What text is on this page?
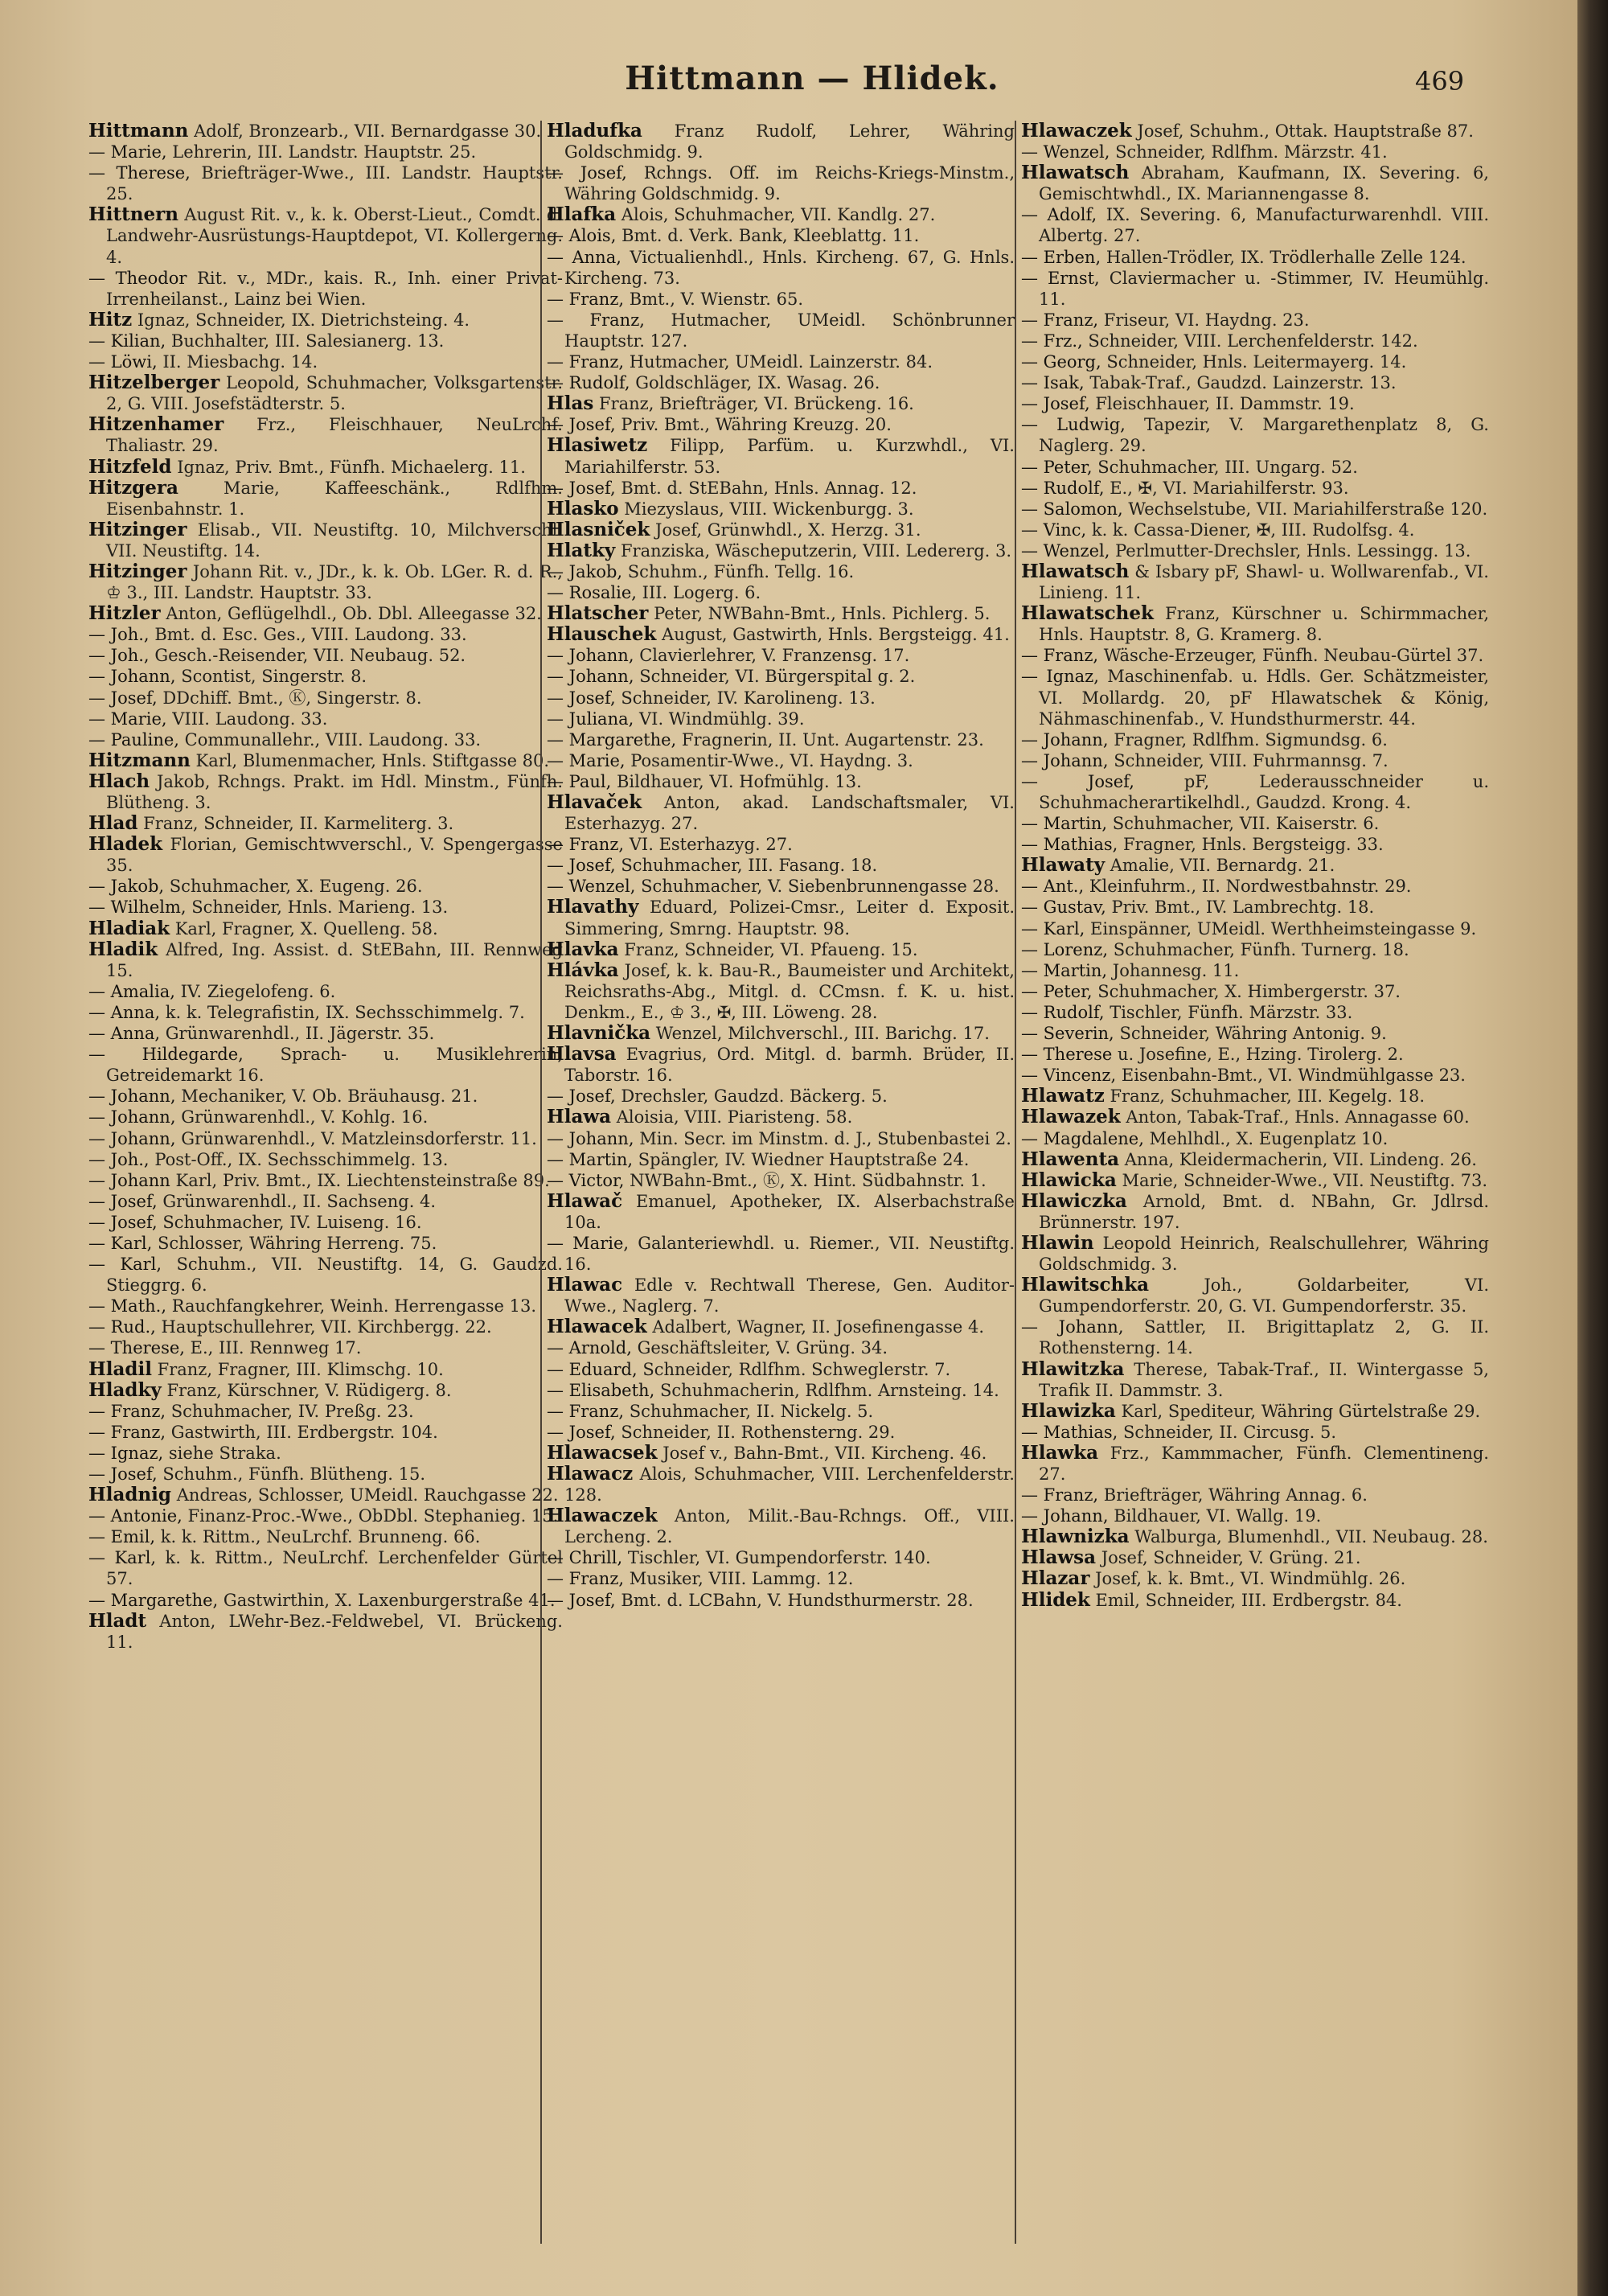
Hittmann — Hlidek.	469

Hittmann Adolf, Bronzearb., VII. Bernardgasse 30.

— Marie, Lehrerin, III. Landstr. Hauptstr. 25.

— Therese, Briefträger-Wwe., III. Landstr. Hauptstr. 25.

Hittnern August Rit. v., k. k. Oberst-Lieut., Comdt. d. Landwehr-Ausrüstungs-Hauptdepot, VI. Kollergerng. 4.

— Theodor Rit. v., MDr., kais. R., Inh. einer Privat-Irrenheilanst., Lainz bei Wien.

Hitz Ignaz, Schneider, IX. Dietrichsteing. 4.

— Kilian, Buchhalter, III. Salesianerg. 13.

— Löwi, II. Miesbachg. 14.

Hitzelberger Leopold, Schuhmacher, Volksgartenstr. 2, G. VIII. Josefstädterstr. 5.

Hitzenhamer Frz., Fleischhauer, NeuLrchf. Thaliastr. 29.

Hitzfeld Ignaz, Priv. Bmt., Fünfh. Michaelerg. 11.

Hitzgera	Marie, Kaffeeschänk., Rdlfhm. Eisenbahnstr. 1.

Hitzinger Elisab., VII. Neustiftg. 10, Milchverschl. VII. Neustiftg. 14.

Hitzinger Johann Rit. v., JDr., k. k. Ob. LGer. R. d. R., ♔ 3., III. Landstr. Hauptstr. 33.

Hitzler Anton, Geflügelhdl., Ob. Dbl. Alleegasse 32.

— Joh., Bmt. d. Esc. Ges., VIII. Laudong. 33.

— Joh., Gesch.-Reisender, VII. Neubaug. 52.

— Johann, Scontist, Singerstr. 8.

— Josef, DDchiff. Bmt., Ⓚ, Singerstr. 8.

— Marie, VIII. Laudong. 33.

— Pauline, Communallehr., VIII. Laudong. 33.

Hitzmann Karl, Blumenmacher, Hnls. Stiftgasse 80.

Hlach Jakob, Rchngs. Prakt. im Hdl. Minstm., Fünfh. Blütheng. 3.

Hlad Franz, Schneider, II. Karmeliterg. 3.

Hladek Florian, Gemischtwverschl., V. Spengergasse 35.

— Jakob, Schuhmacher, X. Eugeng. 26.

— Wilhelm, Schneider, Hnls. Marieng. 13.

Hladiak Karl, Fragner, X. Quelleng. 58.

Hladik Alfred, Ing. Assist. d. StEBahn, III. Rennweg 15.

— Amalia, IV. Ziegelofeng. 6.

— Anna, k. k. Telegrafistin, IX. Sechsschimmelg. 7.

— Anna, Grünwarenhdl., II. Jägerstr. 35.

— Hildegarde, Sprach- u. Musiklehrerin, Getreidemarkt 16.

— Johann, Mechaniker, V. Ob. Bräuhausg. 21.

— Johann, Grünwarenhdl., V. Kohlg. 16.

— Johann, Grünwarenhdl., V. Matzleinsdorferstr. 11.

— Joh., Post-Off., IX. Sechsschimmelg. 13.

— Johann Karl, Priv. Bmt., IX. Liechtensteinstraße 89.

— Josef, Grünwarenhdl., II. Sachseng. 4.

— Josef, Schuhmacher, IV. Luiseng. 16.

— Karl, Schlosser, Währing Herreng. 75.

— Karl, Schuhm., VII. Neustiftg. 14, G. Gaudzd. Stieggrg. 6.

— Math., Rauchfangkehrer, Weinh. Herrengasse 13.

— Rud., Hauptschullehrer, VII. Kirchbergg. 22.

— Therese, E., III. Rennweg 17.

Hladil Franz, Fragner, III. Klimschg. 10.

Hladky Franz, Kürschner, V. Rüdigerg. 8.

— Franz, Schuhmacher, IV. Preßg. 23.

— Franz, Gastwirth, III. Erdbergstr. 104.

— Ignaz, siehe Straka.

— Josef, Schuhm., Fünfh. Blütheng. 15.

Hladnig Andreas, Schlosser, UMeidl. Rauchgasse 22.

— Antonie, Finanz-Proc.-Wwe., ObDbl. Stephanieg. 15.

— Emil, k. k. Rittm., NeuLrchf. Brunneng. 66.

— Karl, k. k. Rittm., NeuLrchf. Lerchenfelder Gürtel 57.

— Margarethe, Gastwirthin, X. Laxenburgerstraße 41.

Hladt Anton, LWehr-Bez.-Feldwebel, VI. Brückeng. 11.

Hladufka Franz Rudolf, Lehrer, Währing Goldschmidg. 9.

— Josef, Rchngs. Off. im Reichs-Kriegs-Minstm., Währing Goldschmidg. 9.

Hlafka Alois, Schuhmacher, VII. Kandlg. 27.

— Alois, Bmt. d. Verk. Bank, Kleeblattg. 11.

— Anna, Victualienhdl., Hnls. Kircheng. 67, G. Hnls. Kircheng. 73.

— Franz, Bmt., V. Wienstr. 65.

— Franz, Hutmacher, UMeidl. Schönbrunner Hauptstr. 127.

— Franz, Hutmacher, UMeidl. Lainzerstr. 84.

— Rudolf, Goldschläger, IX. Wasag. 26.

Hlas Franz, Briefträger, VI. Brückeng. 16.

— Josef, Priv. Bmt., Währing Kreuzg. 20.

Hlasiwetz Filipp, Parfüm. u. Kurzwhdl., VI. Mariahilferstr. 53.

— Josef, Bmt. d. StEBahn, Hnls. Annag. 12.

Hlasko Miezyslaus, VIII. Wickenburgg. 3.

Hlasniček Josef, Grünwhdl., X. Herzg. 31.

Hlatky Franziska, Wäscheputzerin, VIII. Ledererg. 3.

— Jakob, Schuhm., Fünfh. Tellg. 16.

— Rosalie, III. Logerg. 6.

Hlatscher Peter, NWBahn-Bmt., Hnls. Pichlerg. 5.

Hlauschek August, Gastwirth, Hnls. Bergsteigg. 41.

— Johann, Clavierlehrer, V. Franzensg. 17.

— Johann, Schneider, VI. Bürgerspital g. 2.

— Josef, Schneider, IV. Karolineng. 13.

— Juliana, VI. Windmühlg. 39.

— Margarethe, Fragnerin, II. Unt. Augartenstr. 23.

— Marie, Posamentir-Wwe., VI. Haydng. 3.

— Paul, Bildhauer, VI. Hofmühlg. 13.

Hlavaček Anton, akad. Landschaftsmaler, VI. Esterhazyg. 27.

— Franz, VI. Esterhazyg. 27.

— Josef, Schuhmacher, III. Fasang. 18.

— Wenzel, Schuhmacher, V. Siebenbrunnengasse 28.

Hlavathy Eduard, Polizei-Cmsr., Leiter d. Exposit. Simmering, Smrng. Hauptstr. 98.

Hlavka Franz, Schneider, VI. Pfaueng. 15.

Hlávka Josef, k. k. Bau-R., Baumeister und Architekt, Reichsraths-Abg., Mitgl. d. CCmsn. f. K. u. hist. Denkm., E., ♔ 3., ✠, III. Löweng. 28.

Hlavnička Wenzel, Milchverschl., III. Barichg. 17.

Hlavsa Evagrius, Ord. Mitgl. d. barmh. Brüder, II. Taborstr. 16.

— Josef, Drechsler, Gaudzd. Bäckerg. 5.

Hlawa Aloisia, VIII. Piaristeng. 58.

— Johann, Min. Secr. im Minstm. d. J., Stubenbastei 2.

— Martin, Spängler, IV. Wiedner Hauptstraße 24.

— Victor, NWBahn-Bmt., Ⓚ, X. Hint. Südbahnstr. 1.

Hlawač Emanuel, Apotheker, IX. Alserbachstraße 10a.

— Marie, Galanteriewhdl. u. Riemer., VII. Neustiftg. 16.

Hlawac Edle v. Rechtwall Therese, Gen. Auditor-Wwe., Naglerg. 7.

Hlawacek Adalbert, Wagner, II. Josefinengasse 4.

— Arnold, Geschäftsleiter, V. Grüng. 34.

— Eduard, Schneider, Rdlfhm. Schweglerstr. 7.

— Elisabeth, Schuhmacherin, Rdlfhm. Arnsteing. 14.

— Franz, Schuhmacher, II. Nickelg. 5.

— Josef, Schneider, II. Rothensterng. 29.

Hlawacsek Josef v., Bahn-Bmt., VII. Kircheng. 46.

Hlawacz Alois, Schuhmacher, VIII. Lerchenfelderstr. 128.

Hlawaczek Anton, Milit.-Bau-Rchngs. Off., VIII. Lercheng. 2.

— Chrill, Tischler, VI. Gumpendorferstr. 140.

— Franz, Musiker, VIII. Lammg. 12.

— Josef, Bmt. d. LCBahn, V. Hundsthurmerstr. 28.

Hlawaczek Josef, Schuhm., Ottak. Hauptstraße 87.

— Wenzel, Schneider, Rdlfhm. Märzstr. 41.

Hlawatsch Abraham, Kaufmann, IX. Severing. 6, Gemischtwhdl., IX. Mariannengasse 8.

— Adolf, IX. Severing. 6, Manufacturwarenhdl. VIII. Albertg. 27.

— Erben, Hallen-Trödler, IX. Trödlerhalle Zelle 124.

— Ernst, Claviermacher u. -Stimmer, IV. Heumühlg. 11.

— Franz, Friseur, VI. Haydng. 23.

— Frz., Schneider, VIII. Lerchenfelderstr. 142.

— Georg, Schneider, Hnls. Leitermayerg. 14.

— Isak, Tabak-Traf., Gaudzd. Lainzerstr. 13.

— Josef, Fleischhauer, II. Dammstr. 19.

— Ludwig, Tapezir, V. Margarethenplatz 8, G. Naglerg. 29.

— Peter, Schuhmacher, III. Ungarg. 52.

— Rudolf, E., ✠, VI. Mariahilferstr. 93.

— Salomon, Wechselstube, VII. Mariahilferstraße 120.

— Vinc, k. k. Cassa-Diener, ✠, III. Rudolfsg. 4.

— Wenzel, Perlmutter-Drechsler, Hnls. Lessingg. 13.

Hlawatsch & Isbary pF, Shawl- u. Wollwarenfab., VI. Linieng. 11.

Hlawatschek Franz, Kürschner u. Schirmmacher, Hnls. Hauptstr. 8, G. Kramerg. 8.

— Franz, Wäsche-Erzeuger, Fünfh. Neubau-Gürtel 37.

— Ignaz, Maschinenfab. u. Hdls. Ger. Schätzmeister, VI. Mollardg. 20, pF Hlawatschek & König, Nähmaschinenfab., V. Hundsthurmerstr. 44.

— Johann, Fragner, Rdlfhm. Sigmundsg. 6.

— Johann, Schneider, VIII. Fuhrmannsg. 7.

— Josef,	pF, Lederausschneider u. Schuhmacherartikelhdl., Gaudzd. Krong. 4.

— Martin, Schuhmacher, VII. Kaiserstr. 6.

— Mathias, Fragner, Hnls. Bergsteigg. 33.

Hlawaty Amalie, VII. Bernardg. 21.

— Ant., Kleinfuhrm., II. Nordwestbahnstr. 29.

— Gustav, Priv. Bmt., IV. Lambrechtg. 18.

— Karl, Einspänner, UMeidl. Werthheimsteingasse 9.

— Lorenz, Schuhmacher, Fünfh. Turnerg. 18.

— Martin, Johannesg. 11.

— Peter, Schuhmacher, X. Himbergerstr. 37.

— Rudolf, Tischler, Fünfh. Märzstr. 33.

— Severin, Schneider, Währing Antonig. 9.

— Therese u. Josefine, E., Hzing. Tirolerg. 2.

— Vincenz, Eisenbahn-Bmt., VI. Windmühlgasse 23.

Hlawatz Franz, Schuhmacher, III. Kegelg. 18.

Hlawazek Anton, Tabak-Traf., Hnls. Annagasse 60.

— Magdalene, Mehlhdl., X. Eugenplatz 10.

Hlawenta Anna, Kleidermacherin, VII. Lindeng. 26.

Hlawicka Marie, Schneider-Wwe., VII. Neustiftg. 73.

Hlawiczka Arnold, Bmt. d. NBahn, Gr. Jdlrsd. Brünnerstr. 197.

Hlawin Leopold Heinrich, Realschullehrer, Währing Goldschmidg. 3.

Hlawitschka	Joh., Goldarbeiter, VI. Gumpendorferstr. 20, G. VI. Gumpendorferstr. 35.

— Johann, Sattler, II. Brigittaplatz 2, G. II. Rothensterng. 14.

Hlawitzka Therese, Tabak-Traf., II. Wintergasse 5, Trafik II. Dammstr. 3.

Hlawizka Karl, Spediteur, Währing Gürtelstraße 29.

— Mathias, Schneider, II. Circusg. 5.

Hlawka Frz., Kammmacher, Fünfh. Clementineng. 27.

— Franz, Briefträger, Währing Annag. 6.

— Johann, Bildhauer, VI. Wallg. 19.

Hlawnizka Walburga, Blumenhdl., VII. Neubaug. 28.

Hlawsa Josef, Schneider, V. Grüng. 21.

Hlazar Josef, k. k. Bmt., VI. Windmühlg. 26.

Hlidek Emil, Schneider, III. Erdbergstr. 84.
